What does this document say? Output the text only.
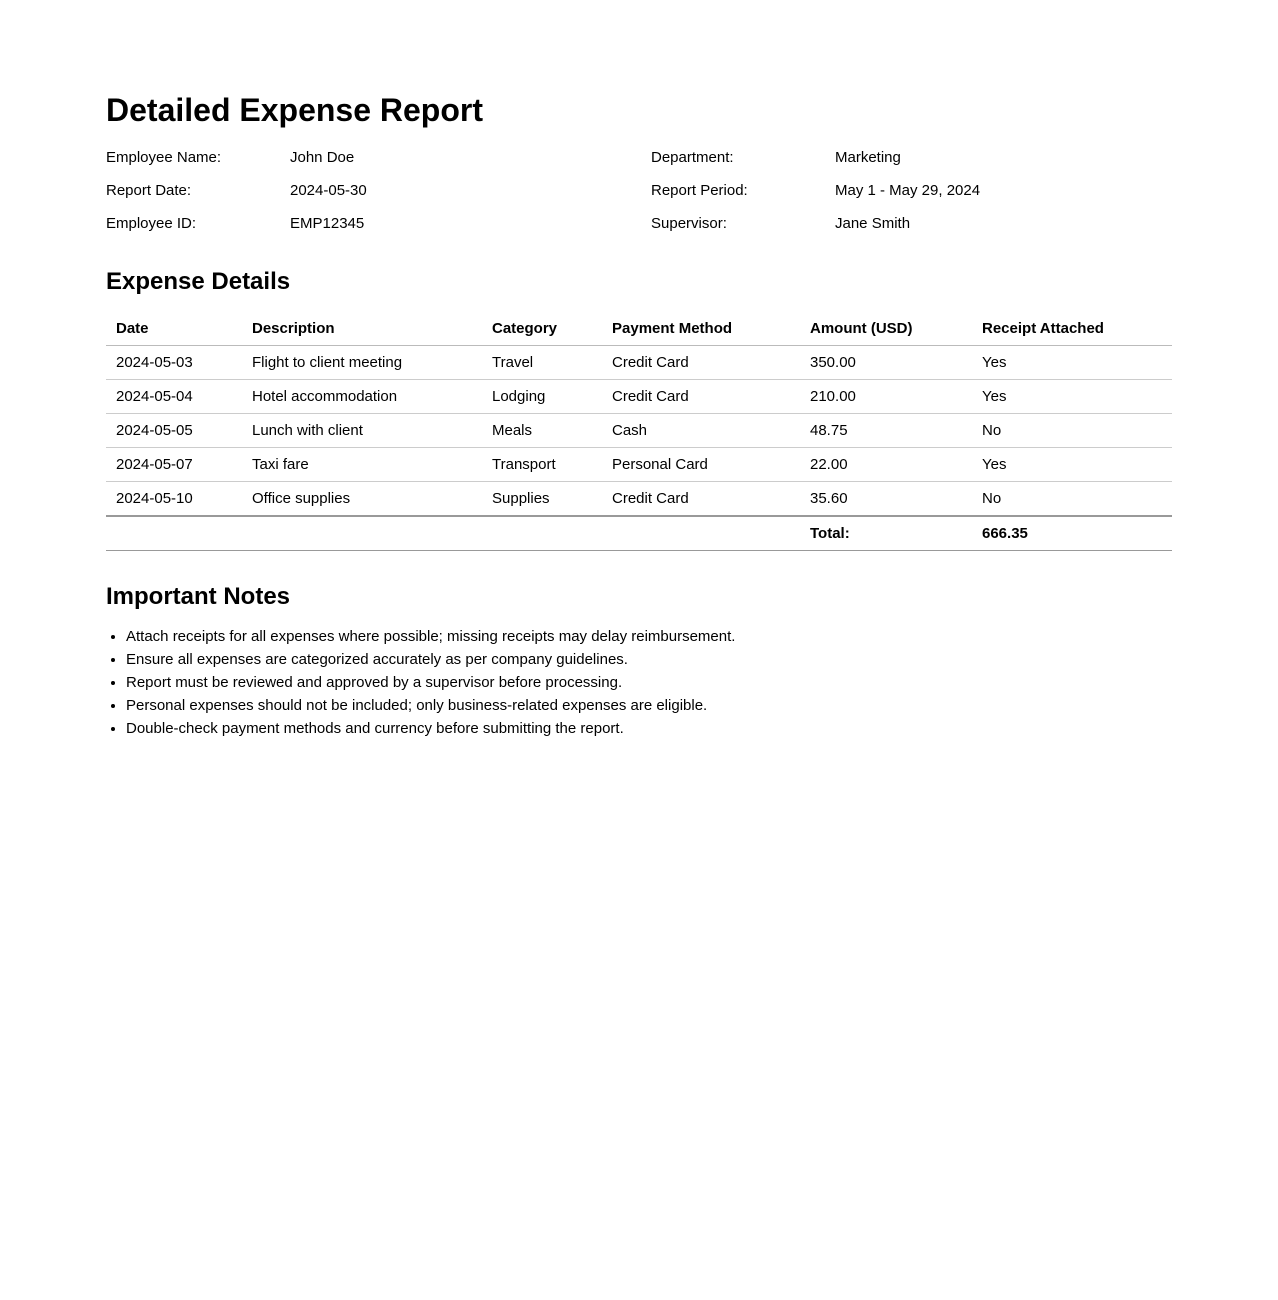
Detailed Expense Report
Employee Name:	John Doe	Department:	Marketing
Report Date:	2024-05-30	Report Period:	May 1 - May 29, 2024
Employee ID:	EMP12345	Supervisor:	Jane Smith
Expense Details
Date	Description	Category	Payment Method	Amount (USD)	Receipt Attached
2024-05-03	Flight to client meeting	Travel	Credit Card	350.00	Yes
2024-05-04	Hotel accommodation	Lodging	Credit Card	210.00	Yes
2024-05-05	Lunch with client	Meals	Cash	48.75	No
2024-05-07	Taxi fare	Transport	Personal Card	22.00	Yes
2024-05-10	Office supplies	Supplies	Credit Card	35.60	No
				Total:	666.35
Important Notes
• Attach receipts for all expenses where possible; missing receipts may delay reimbursement.
• Ensure all expenses are categorized accurately as per company guidelines.
• Report must be reviewed and approved by a supervisor before processing.
• Personal expenses should not be included; only business-related expenses are eligible.
• Double-check payment methods and currency before submitting the report.
